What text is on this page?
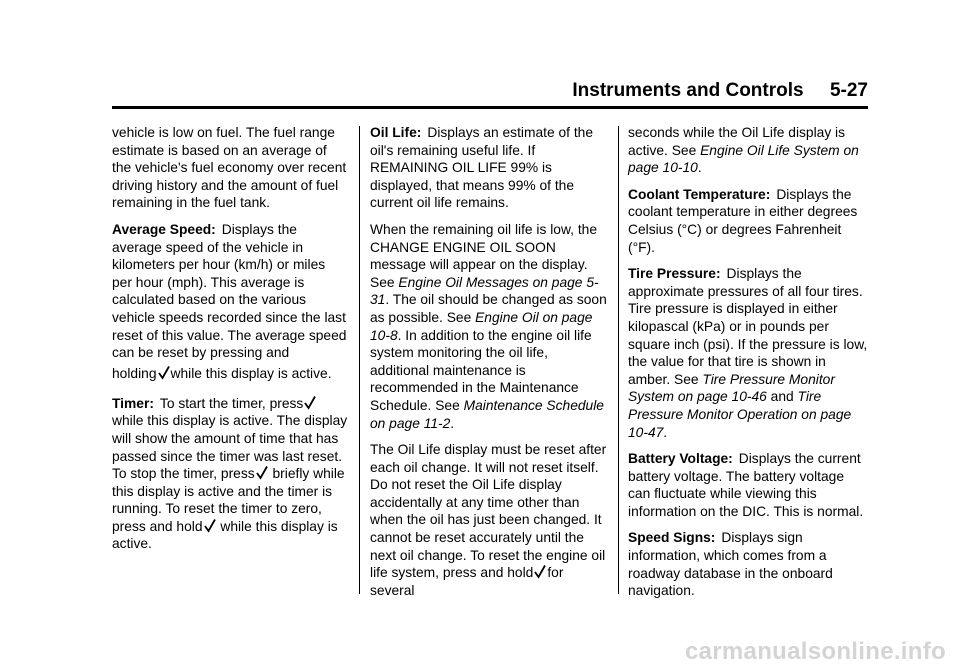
Instruments and Controls     5-27

vehicle is low on fuel. The fuel range estimate is based on an average of the vehicle's fuel economy over recent driving history and the amount of fuel remaining in the fuel tank.

Average Speed: Displays the average speed of the vehicle in kilometers per hour (km/h) or miles per hour (mph). This average is calculated based on the various vehicle speeds recorded since the last reset of this value. The average speed can be reset by pressing and
holding while this display is active.

Timer: To start the timer, press
while this display is active. The display will show the amount of time that has passed since the timer was last reset. To stop the timer, press briefly while this display is active and the timer is running. To reset the timer to zero, press and hold while this display is active.

Oil Life: Displays an estimate of the oil's remaining useful life. If REMAINING OIL LIFE 99% is displayed, that means 99% of the current oil life remains.

When the remaining oil life is low, the CHANGE ENGINE OIL SOON message will appear on the display. See Engine Oil Messages on page 5-31. The oil should be changed as soon as possible. See Engine Oil on page 10-8. In addition to the engine oil life system monitoring the oil life, additional maintenance is recommended in the Maintenance Schedule. See Maintenance Schedule on page 11-2.

The Oil Life display must be reset after each oil change. It will not reset itself. Do not reset the Oil Life display accidentally at any time other than when the oil has just been changed. It cannot be reset accurately until the next oil change. To reset the engine oil life system, press and hold for several

seconds while the Oil Life display is active. See Engine Oil Life System on page 10-10.

Coolant Temperature: Displays the coolant temperature in either degrees Celsius (°C) or degrees Fahrenheit (°F).

Tire Pressure: Displays the approximate pressures of all four tires. Tire pressure is displayed in either kilopascal (kPa) or in pounds per square inch (psi). If the pressure is low, the value for that tire is shown in amber. See Tire Pressure Monitor System on page 10-46 and Tire Pressure Monitor Operation on page 10-47.

Battery Voltage: Displays the current battery voltage. The battery voltage can fluctuate while viewing this information on the DIC. This is normal.

Speed Signs: Displays sign information, which comes from a roadway database in the onboard navigation.

carmanualsonline.info
